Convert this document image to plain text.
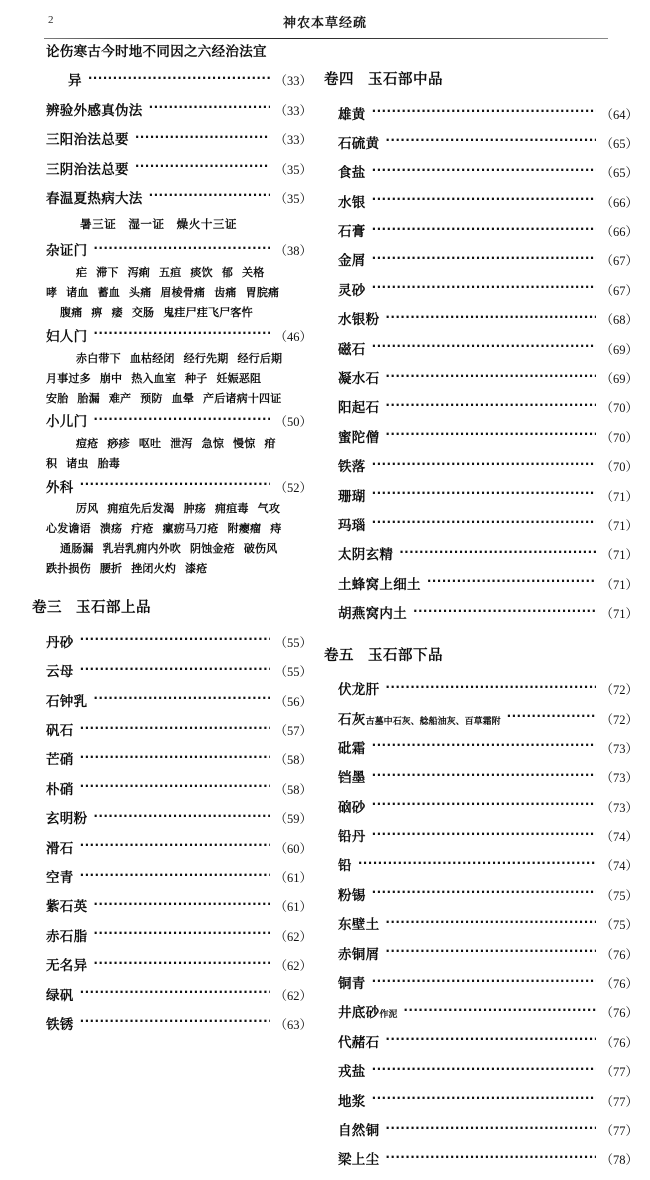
2	神农本草经疏
论伤寒古今时地不同因之六经治法宜
异 ·····	（33）
辨验外感真伪法 ·····	（33）
三阳治法总要 ·····	（33）
三阴治法总要 ·····	（35）
春温夏热病大法 ·····	（35）
暑三证 湿一证 燥火十三证
杂证门 ·····	（38）
疟 滞下 泻痢 五疸 痰饮 郁 关格
哮 诸血 蓄血 头痛 眉棱骨痛 齿痛 胃脘痛
腹痛 痹 痿 交肠 鬼疰尸疰飞尸客忤
妇人门 ·····	（46）
赤白带下 血枯经闭 经行先期 经行后期
月事过多 崩中 热入血室 种子 妊娠恶阻
安胎 胎漏 难产 预防 血晕 产后诸病十四证
小儿门 ·····	（50）
痘疮 痧疹 呕吐 泄泻 急惊 慢惊 疳
积 诸虫 胎毒
外科 ·····	（52）
厉风 痈疽先后发渴 肿疡 痈疽毒 气攻
心发谵语 溃疡 疔疮 瘰疬马刀疮 附瘿瘤 痔
通肠漏 乳岩乳痈内外吹 阴蚀金疮 破伤风
跌扑损伤 腰折 挫闭火灼 漆疮
卷三 玉石部上品
丹砂 ·····	（55）
云母 ·····	（55）
石钟乳 ·····	（56）
矾石 ·····	（57）
芒硝 ·····	（58）
朴硝 ·····	（58）
玄明粉 ·····	（59）
滑石 ·····	（60）
空青 ·····	（61）
紫石英 ·····	（61）
赤石脂 ·····	（62）
无名异 ·····	（62）
绿矾 ·····	（62）
铁锈 ·····	（63）
卷四 玉石部中品
雄黄 ·····	（64）
石硫黄 ·····	（65）
食盐 ·····	（65）
水银 ·····	（66）
石膏 ·····	（66）
金屑 ·····	（67）
灵砂 ·····	（67）
水银粉 ·····	（68）
磁石 ·····	（69）
凝水石 ·····	（69）
阳起石 ·····	（70）
蜜陀僧 ·····	（70）
铁落 ·····	（70）
珊瑚 ·····	（71）
玛瑙 ·····	（71）
太阴玄精 ·····	（71）
土蜂窝上细土 ·····	（71）
胡燕窝内土 ·····	（71）
卷五 玉石部下品
伏龙肝 ·····	（72）
石灰古墓中石灰、艌船油灰、百草霜附 ·····	（72）
砒霜 ·····	（73）
铛墨 ·····	（73）
硇砂 ·····	（73）
铅丹 ·····	（74）
铅 ·····	（74）
粉锡 ·····	（75）
东壁土 ·····	（75）
赤铜屑 ·····	（76）
铜青 ·····	（76）
井底砂作泥 ·····	（76）
代赭石 ·····	（76）
戎盐 ·····	（77）
地浆 ·····	（77）
自然铜 ·····	（77）
梁上尘 ·····	（78）
